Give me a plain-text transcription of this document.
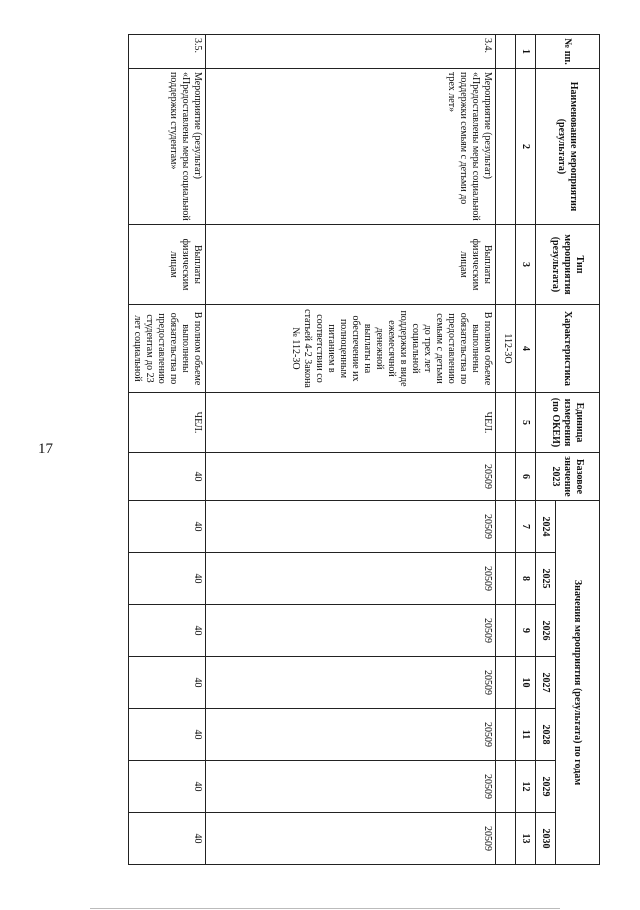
17
№ пп.	Наименование мероприятия (результата)	Тип мероприятия (результата)	Характеристика	Единица измерения (по ОКЕИ)	Базовое значение 2023	Значения мероприятия (результата) по годам						
						2024	2025	2026	2027	2028	2029	2030
1	2	3	4	5	6	7	8	9	10	11	12	13
			112-ЗО									
3.4.	Мероприятие (результат) «Предоставлены меры социальной поддержки семьям с детьми до трех лет»	Выплаты физическим лицам	В полном объеме выполнены обязательства по предоставлению семьям с детьми до трех лет социальной поддержки в виде ежемесячной денежной выплаты на обеспечение их полноценным питанием в соответствии со статьей 4-2 Закона № 112-ЗО	ЧЕЛ.	20509	20509	20509	20509	20509	20509	20509	20509
3.5.	Мероприятие (результат) «Предоставлены меры социальной поддержки студентам»	Выплаты физическим лицам	В полном объеме выполнены обязательства по предоставлению студентам до 23 лет социальной	ЧЕЛ.	40	40	40	40	40	40	40	40
